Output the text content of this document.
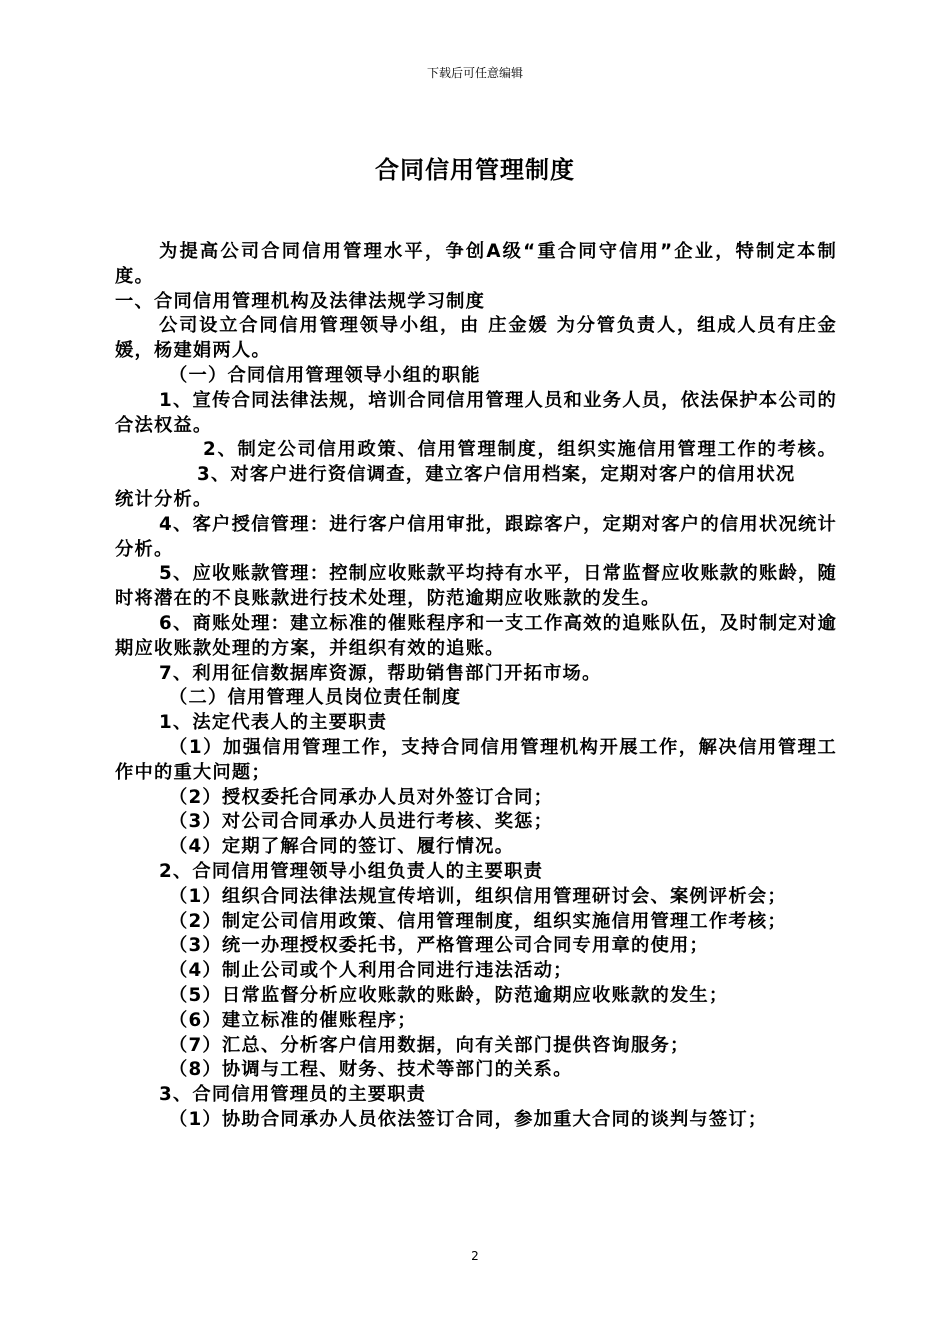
下载后可任意编辑
合同信用管理制度

为提高公司合同信用管理水平，争创A级“重合同守信用”企业，特制定本制度。

一、合同信用管理机构及法律法规学习制度

公司设立合同信用管理领导小组，由 庄金媛 为分管负责人，组成人员有庄金媛，杨建娟两人。

（一）合同信用管理领导小组的职能

1、宣传合同法律法规，培训合同信用管理人员和业务人员，依法保护本公司的合法权益。

2、制定公司信用政策、信用管理制度，组织实施信用管理工作的考核。3、对客户进行资信调查，建立客户信用档案，定期对客户的信用状况

统计分析。

4、客户授信管理：进行客户信用审批，跟踪客户，定期对客户的信用状况统计分析。

5、应收账款管理：控制应收账款平均持有水平，日常监督应收账款的账龄，随时将潜在的不良账款进行技术处理，防范逾期应收账款的发生。

6、商账处理：建立标准的催账程序和一支工作高效的追账队伍，及时制定对逾期应收账款处理的方案，并组织有效的追账。

7、利用征信数据库资源，帮助销售部门开拓市场。

（二）信用管理人员岗位责任制度

1、法定代表人的主要职责

（1）加强信用管理工作，支持合同信用管理机构开展工作，解决信用管理工作中的重大问题；

（2）授权委托合同承办人员对外签订合同；

（3）对公司合同承办人员进行考核、奖惩；

（4）定期了解合同的签订、履行情况。

2、合同信用管理领导小组负责人的主要职责

（1）组织合同法律法规宣传培训，组织信用管理研讨会、案例评析会；

（2）制定公司信用政策、信用管理制度，组织实施信用管理工作考核；

（3）统一办理授权委托书，严格管理公司合同专用章的使用；

（4）制止公司或个人利用合同进行违法活动；

（5）日常监督分析应收账款的账龄，防范逾期应收账款的发生；

（6）建立标准的催账程序；

（7）汇总、分析客户信用数据，向有关部门提供咨询服务；

（8）协调与工程、财务、技术等部门的关系。

3、合同信用管理员的主要职责

（1）协助合同承办人员依法签订合同，参加重大合同的谈判与签订；

2
